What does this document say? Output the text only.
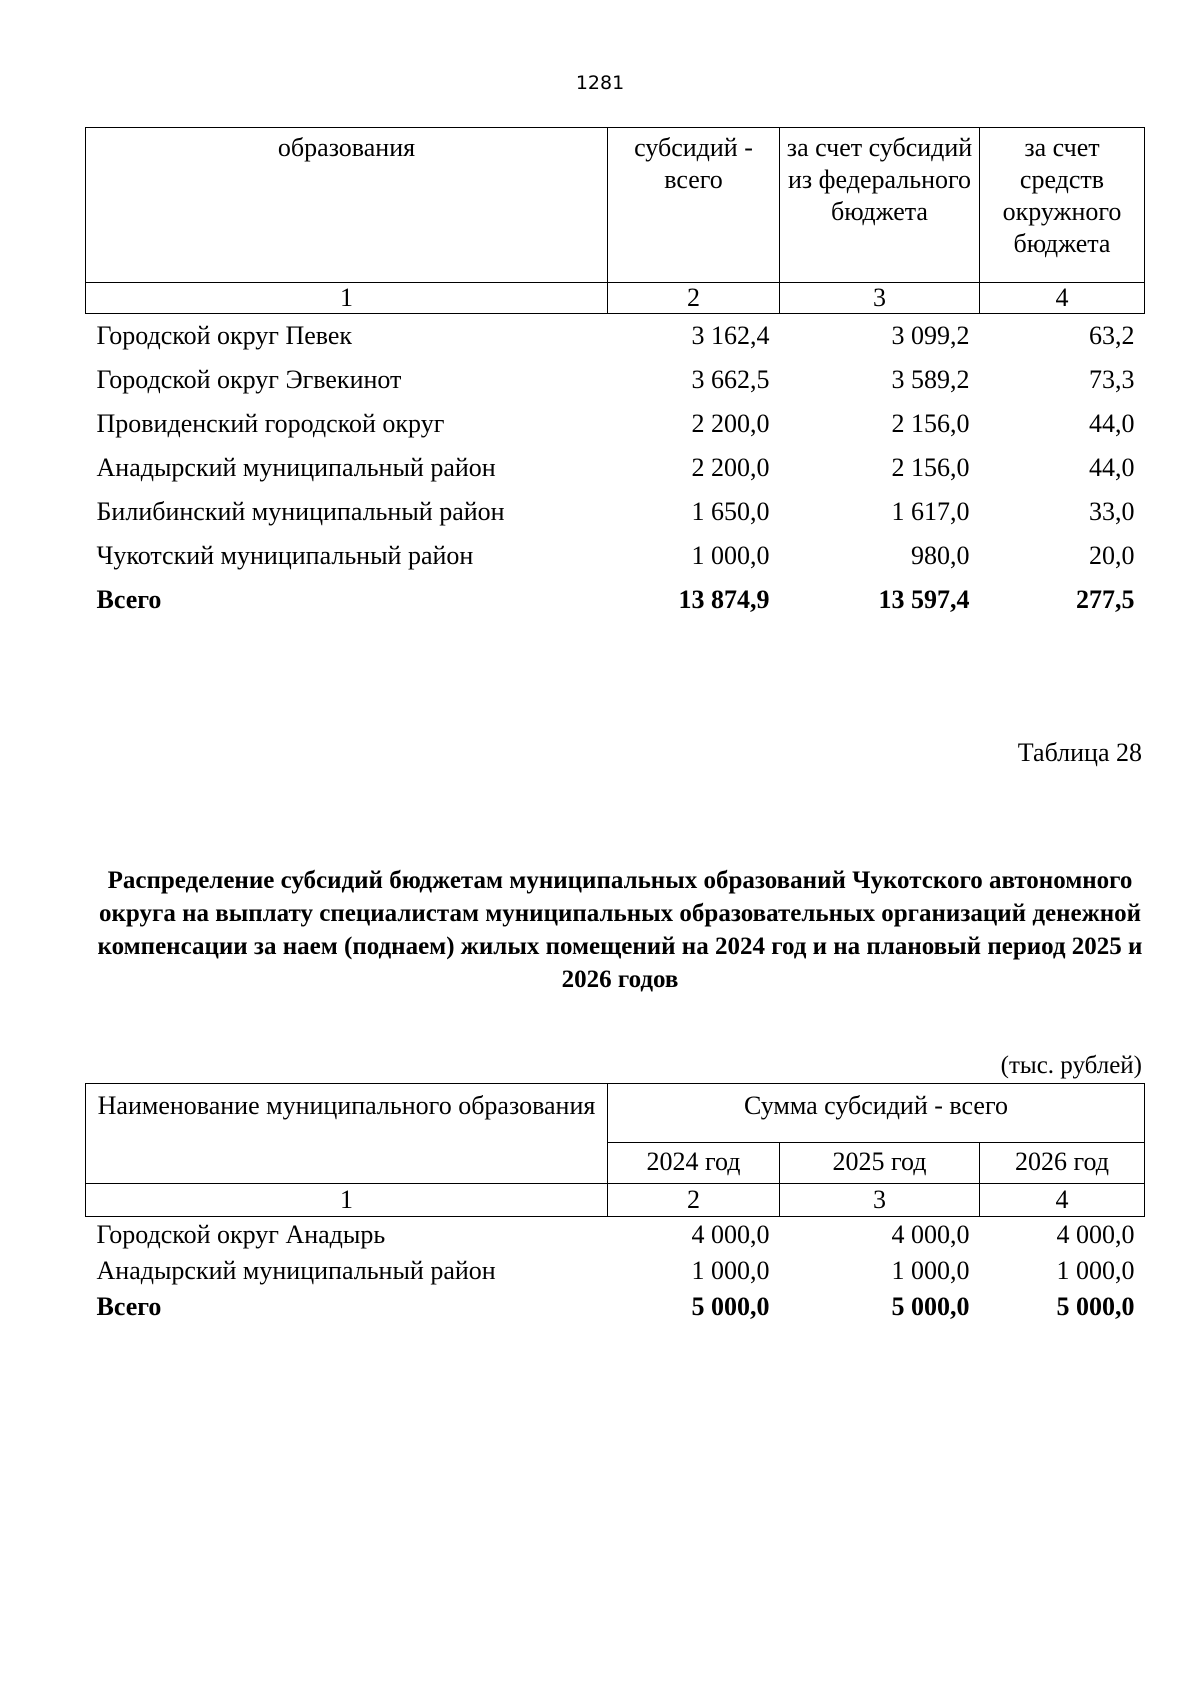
1281
образования	субсидий - всего	за счет субсидий из федерального бюджета	за счет средств окружного бюджета
1	2	3	4
Городской округ Певек	3 162,4	3 099,2	63,2
Городской округ Эгвекинот	3 662,5	3 589,2	73,3
Провиденский городской округ	2 200,0	2 156,0	44,0
Анадырский муниципальный район	2 200,0	2 156,0	44,0
Билибинский муниципальный район	1 650,0	1 617,0	33,0
Чукотский муниципальный район	1 000,0	980,0	20,0
Всего	13 874,9	13 597,4	277,5
Таблица 28
Распределение субсидий бюджетам муниципальных образований Чукотского автономного округа на выплату специалистам муниципальных образовательных организаций денежной компенсации за наем (поднаем) жилых помещений на 2024 год и на плановый период 2025 и 2026 годов
(тыс. рублей)
Наименование муниципального образования	Сумма субсидий - всего		
	2024 год	2025 год	2026 год
1	2	3	4
Городской округ Анадырь	4 000,0	4 000,0	4 000,0
Анадырский муниципальный район	1 000,0	1 000,0	1 000,0
Всего	5 000,0	5 000,0	5 000,0
